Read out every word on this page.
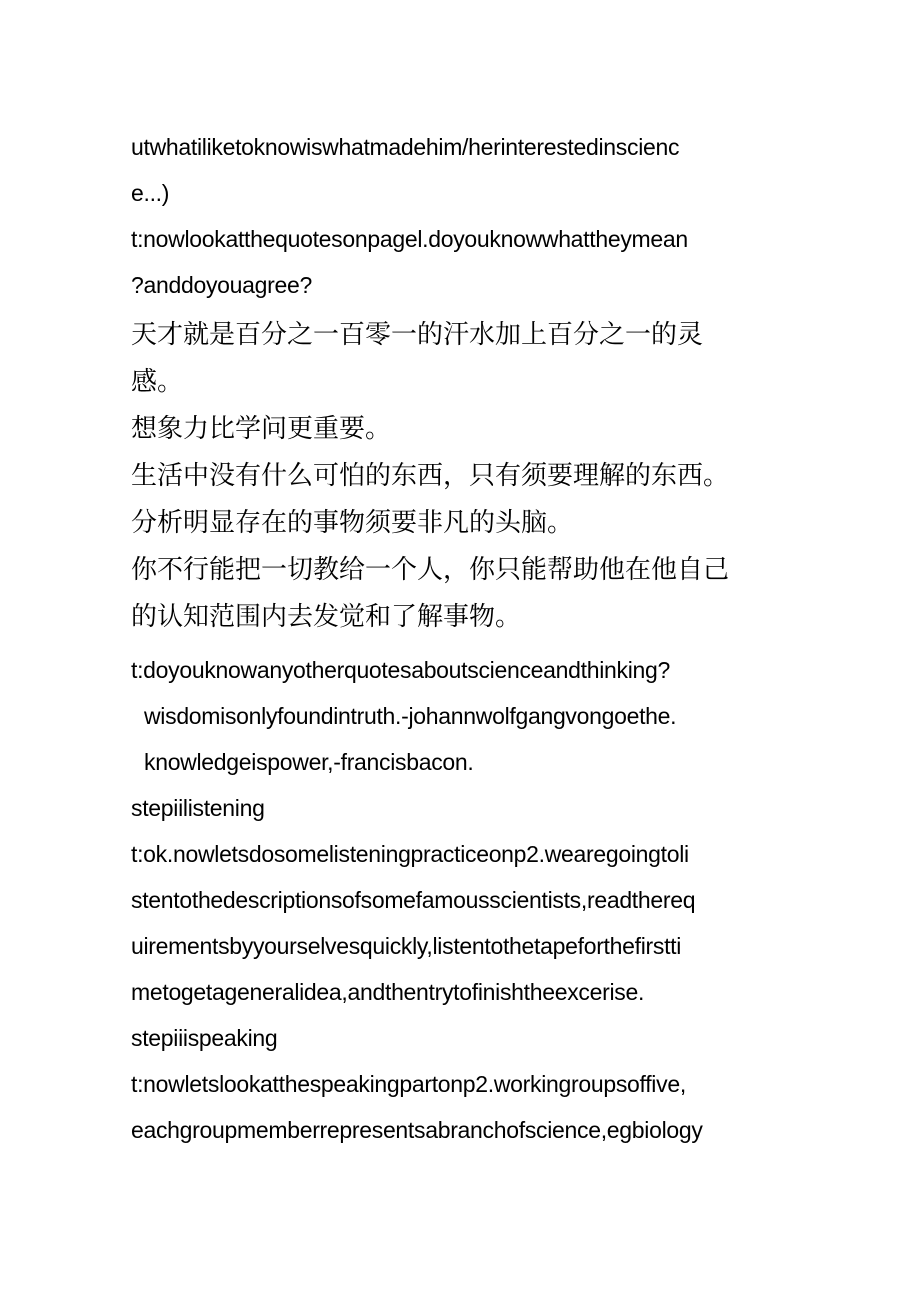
utwhatiliketoknowiswhatmadehim/herinterestedinscienc

e...)

t:nowlookatthequotesonpagel.doyouknowwhattheymean

?anddoyouagree?

天才就是百分之一百零一的汗水加上百分之一的灵

感。

想象力比学问更重要。

生活中没有什么可怕的东西，只有须要理解的东西。

分析明显存在的事物须要非凡的头脑。

你不行能把一切教给一个人，你只能帮助他在他自己

的认知范围内去发觉和了解事物。

t:doyouknowanyotherquotesaboutscienceandthinking?

wisdomisonlyfoundintruth.-johannwolfgangvongoethe.

knowledgeispower,-francisbacon.

stepiilistening

t:ok.nowletsdosomelisteningpracticeonp2.wearegoingtoli

stentothedescriptionsofsomefamousscientists,readthereq

uirementsbyyourselvesquickly,listentothetapeforthefirstti

metogetageneralidea,andthentrytofinishtheexcerise.

stepiiispeaking

t:nowletslookatthespeakingpartonp2.workingroupsoffive,

eachgroupmemberrepresentsabranchofscience,egbiology
